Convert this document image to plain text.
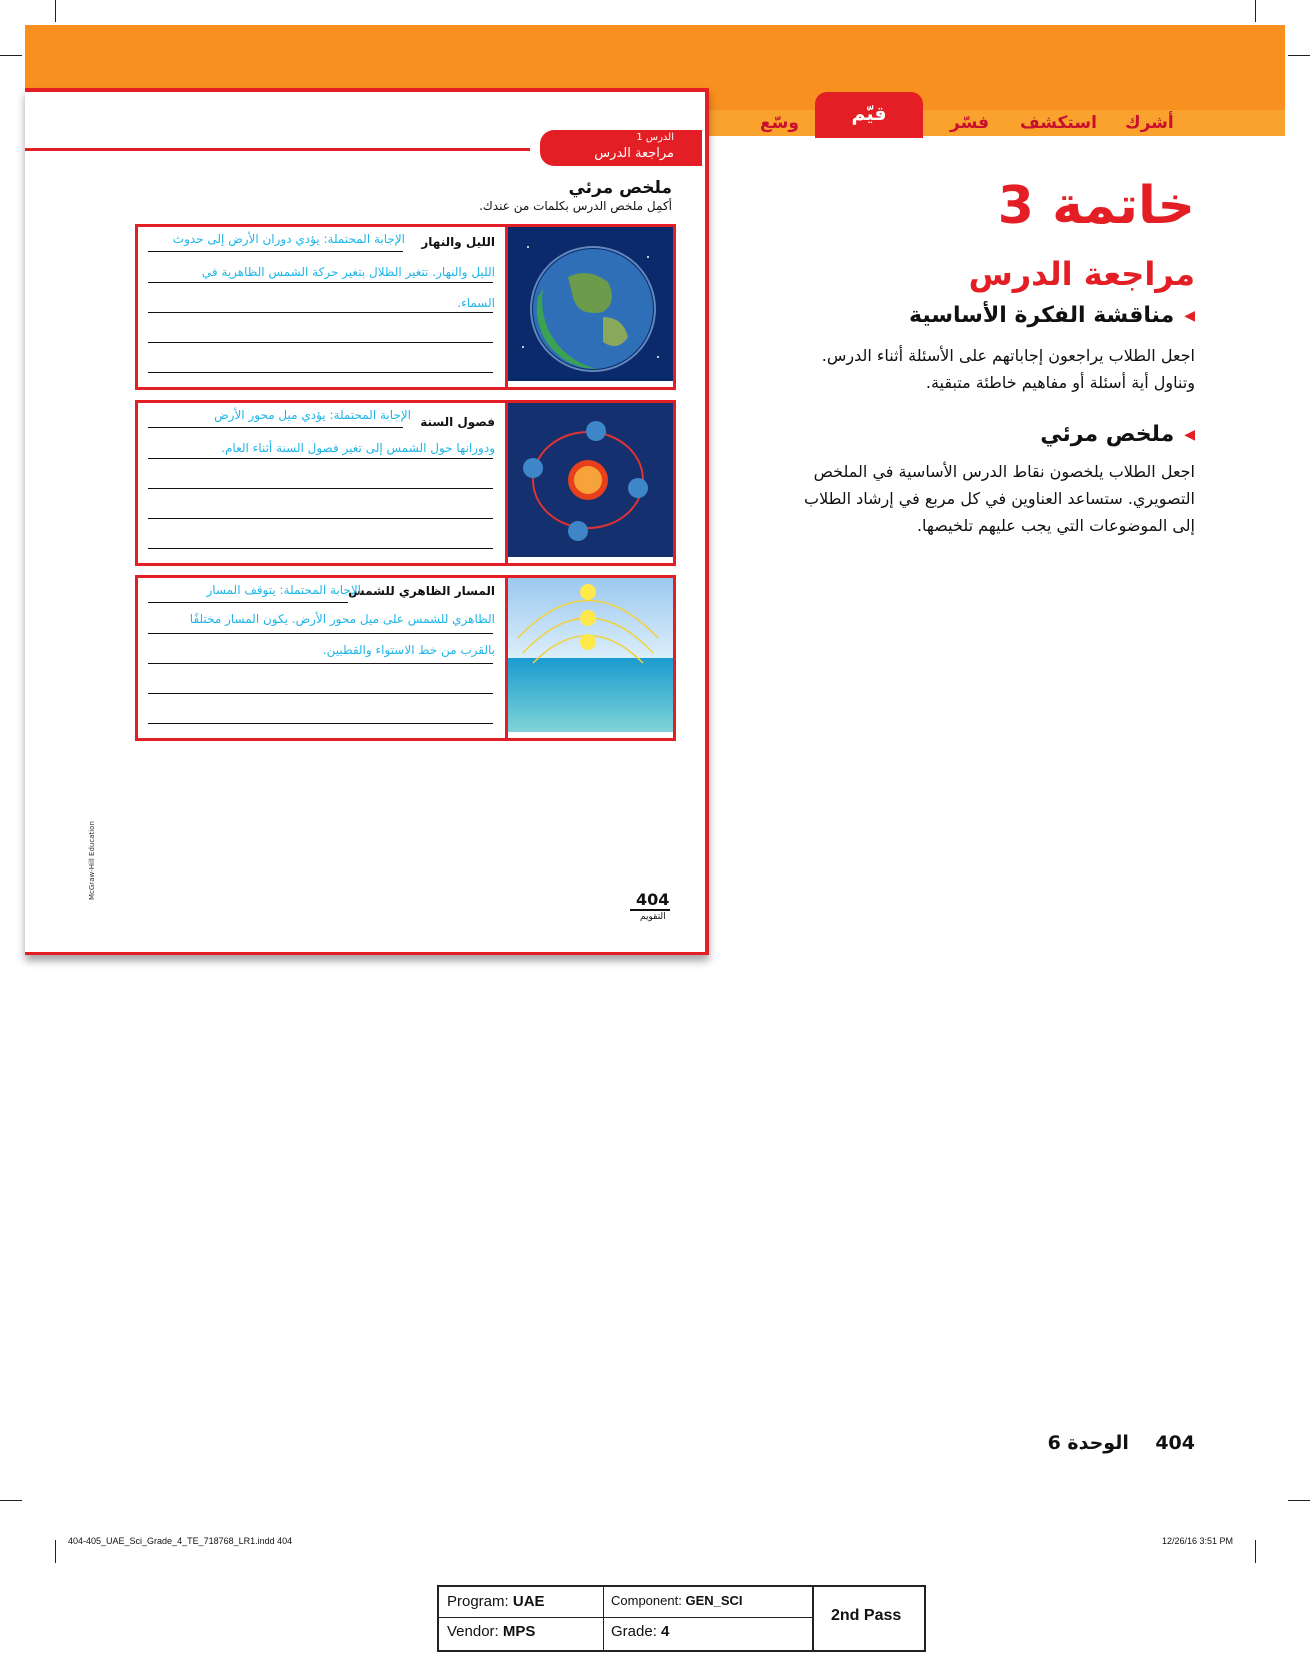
وسّع	قيّم	فسّر استكشف أشرك
الدرس 1
مراجعة الدرس
ملخص مرئي
أكمِل ملخص الدرس بكلمات من عندك.
الليل والنهار
الإجابة المحتملة: يؤدي دوران الأرض إلى حدوث
الليل والنهار. تتغير الظلال بتغير حركة الشمس الظاهرية في
السماء.
فصول السنة
الإجابة المحتملة: يؤدي ميل محور الأرض
ودورانها حول الشمس إلى تغير فصول السنة أثناء العام.
المسار الظاهري للشمس
الإجابة المحتملة: يتوقف المسار
الظاهري للشمس على ميل محور الأرض. يكون المسار مختلفًا
بالقرب من خط الاستواء والقطبين.
McGraw-Hill Education	404
التقويم
خاتمة 3
مراجعة الدرس
◀مناقشة الفكرة الأساسية
اجعل الطلاب يراجعون إجاباتهم على الأسئلة أثناء الدرس. وتناول أية أسئلة أو مفاهيم خاطئة متبقية.
◀ملخص مرئي
اجعل الطلاب يلخصون نقاط الدرس الأساسية في الملخص التصويري. ستساعد العناوين في كل مربع في إرشاد الطلاب إلى الموضوعات التي يجب عليهم تلخيصها.
404    الوحدة 6
404-405_UAE_Sci_Grade_4_TE_718768_LR1.indd 404	12/26/16 3:51 PM
Program: UAE	Component: GEN_SCI
Vendor: MPS	Grade: 4
2nd Pass
